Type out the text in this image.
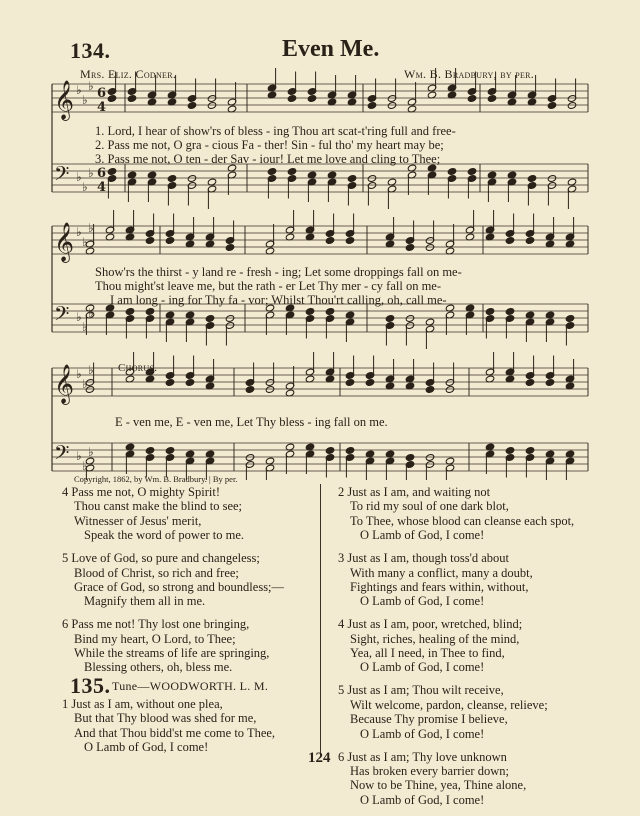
134.	Even Me.
Mrs. Eliz. Codner.	Wm. B. Bradbury, by per.
𝄞 ♭
♭
♭ 6
4
𝄢 ♭
♭
♭ 6
4
𝄞 ♭
♭
♭
𝄢 ♭
♭
♭
𝄞 ♭
♭
♭
𝄢 ♭
♭
♭
1. Lord, I hear of show'rs of bless - ing Thou art scat-t'ring full and free-
2. Pass me not, O gra - cious Fa - ther! Sin - ful tho' my heart may be;
3. Pass me not, O ten - der Sav - iour! Let me love and cling to Thee;
Show'rs the thirst - y land re - fresh - ing; Let some droppings fall on me-
Thou might'st leave me, but the rath - er Let Thy mer - cy fall on me-
I am long - ing for Thy fa - vor; Whilst Thou'rt calling, oh, call me-
Chorus.
E - ven me, E - ven me, Let Thy bless - ing fall on me.
Copyright, 1862, by Wm. B. Bradbury. | By per.
4 Pass me not, O mighty Spirit!
Thou canst make the blind to see;
Witnesser of Jesus' merit,
Speak the word of power to me.
5 Love of God, so pure and changeless;
Blood of Christ, so rich and free;
Grace of God, so strong and boundless;—
Magnify them all in me.
6 Pass me not! Thy lost one bringing,
Bind my heart, O Lord, to Thee;
While the streams of life are springing,
Blessing others, oh, bless me.
135. Tune—WOODWORTH. L. M.
1 Just as I am, without one plea,
But that Thy blood was shed for me,
And that Thou bidd'st me come to Thee,
O Lamb of God, I come!
2 Just as I am, and waiting not
To rid my soul of one dark blot,
To Thee, whose blood can cleanse each spot,
O Lamb of God, I come!
3 Just as I am, though toss'd about
With many a conflict, many a doubt,
Fightings and fears within, without,
O Lamb of God, I come!
4 Just as I am, poor, wretched, blind;
Sight, riches, healing of the mind,
Yea, all I need, in Thee to find,
O Lamb of God, I come!
5 Just as I am; Thou wilt receive,
Wilt welcome, pardon, cleanse, relieve;
Because Thy promise I believe,
O Lamb of God, I come!
6 Just as I am; Thy love unknown
Has broken every barrier down;
Now to be Thine, yea, Thine alone,
O Lamb of God, I come!
124
